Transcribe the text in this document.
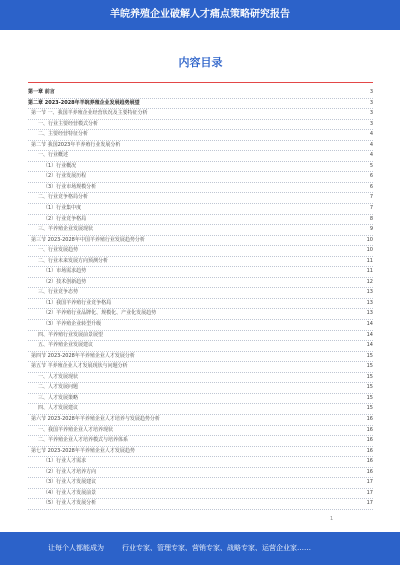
羊皖养殖企业破解人才痛点策略研究报告
内容目录
第一章 前言	3
第二章 2023-2028年羊皖养殖企业发展趋势展望	3
第一节 一、我国羊养殖企业经营状况及主要特征分析	3
一、行业主要经营模式分析	3
二、主要经营特征分析	4
第二节 我国2023年羊养殖行业发展分析	4
一、行业概述	4
（1）行业概况	5
（2）行业发展历程	6
（3）行业市场规模分析	6
二、行业竞争格局分析	7
（1）行业集中度	7
（2）行业竞争格局	8
三、羊养殖企业发展现状	9
第三节 2023-2028年中国羊养殖行业发展趋势分析	10
一、行业发展趋势	10
二、行业未来发展方向预测分析	11
（1）市场需求趋势	11
（2）技术创新趋势	12
三、行业竞争态势	13
（1）我国羊养殖行业竞争格局	13
（2）羊养殖行业品牌化、规模化、产业化发展趋势	13
（3）羊养殖企业转型升级	14
四、羊养殖行业发展前景展望	14
五、羊养殖企业发展建议	14
第四节 2023-2028年羊养殖企业人才发展分析	15
第五节 羊养殖企业人才发展现状与问题分析	15
一、人才发展现状	15
二、人才发展问题	15
三、人才发展策略	15
四、人才发展建议	15
第六节 2023-2028年羊养殖企业人才培养与发展趋势分析	16
一、我国羊养殖企业人才培养现状	16
二、羊养殖企业人才培养模式与培养体系	16
第七节 2023-2028年羊养殖企业人才发展趋势	16
（1）行业人才需求	16
（2）行业人才培养方向	16
（3）行业人才发展建议	17
（4）行业人才发展前景	17
（5）行业人才发展分析	17
1
让每个人都能成为	行业专家、管理专家、营销专家、战略专家、运营企业家……
